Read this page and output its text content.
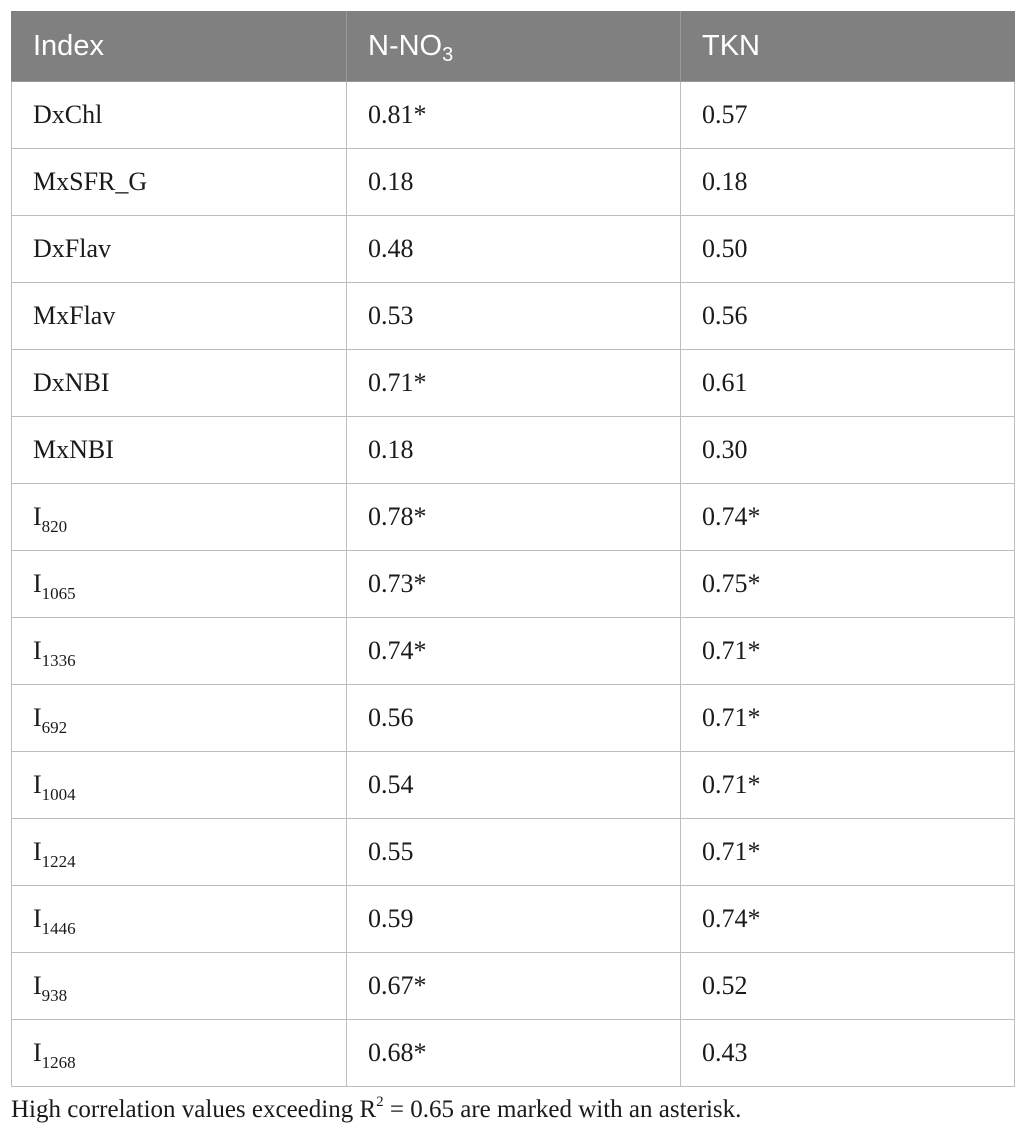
Index	$N-NO_3$	TKN
DxChl	0.81*	0.57
MxSFR_G	0.18	0.18
DxFlav	0.48	0.50
MxFlav	0.53	0.56
DxNBI	0.71*	0.61
MxNBI	0.18	0.30
$I_{820}$	0.78*	0.74*
$I_{1065}$	0.73*	0.75*
$I_{1336}$	0.74*	0.71*
$I_{692}$	0.56	0.71*
$I_{1004}$	0.54	0.71*
$I_{1224}$	0.55	0.71*
$I_{1446}$	0.59	0.74*
$I_{938}$	0.67*	0.52
$I_{1268}$	0.68*	0.43
High correlation values exceeding $R^2 = 0.65$ are marked with an asterisk.
